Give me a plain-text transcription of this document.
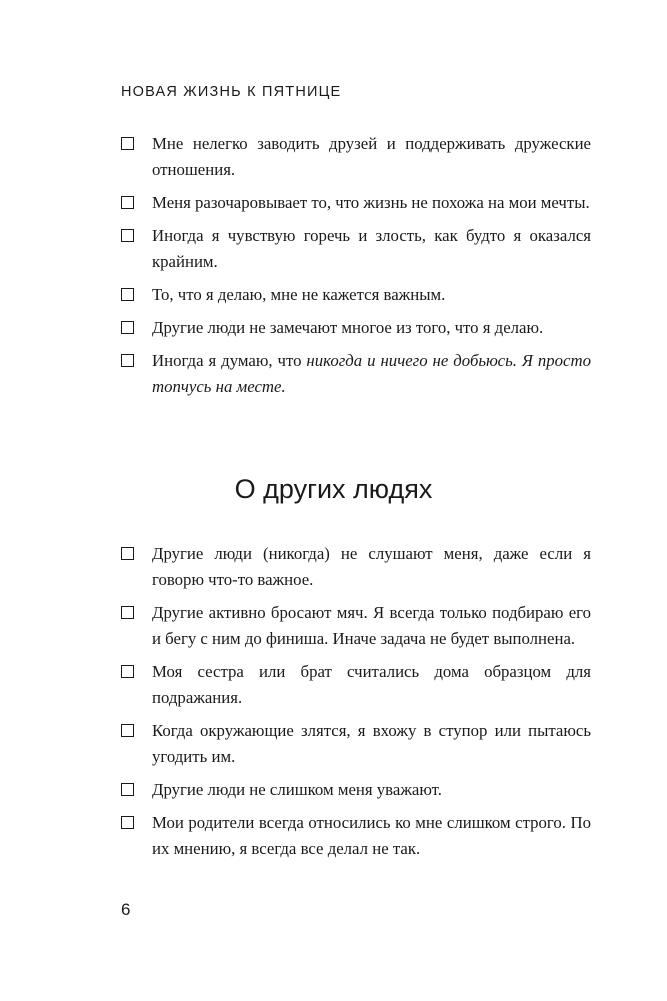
НОВАЯ ЖИЗНЬ К ПЯТНИЦЕ
Мне нелегко заводить друзей и поддерживать дружеские отношения.
Меня разочаровывает то, что жизнь не похожа на мои мечты.
Иногда я чувствую горечь и злость, как будто я оказался крайним.
То, что я делаю, мне не кажется важным.
Другие люди не замечают многое из того, что я делаю.
Иногда я думаю, что никогда и ничего не добьюсь. Я просто топчусь на месте.
О других людях
Другие люди (никогда) не слушают меня, даже если я говорю что-то важное.
Другие активно бросают мяч. Я всегда только подбираю его и бегу с ним до финиша. Иначе задача не будет выполнена.
Моя сестра или брат считались дома образцом для подражания.
Когда окружающие злятся, я вхожу в ступор или пытаюсь угодить им.
Другие люди не слишком меня уважают.
Мои родители всегда относились ко мне слишком строго. По их мнению, я всегда все делал не так.
6
